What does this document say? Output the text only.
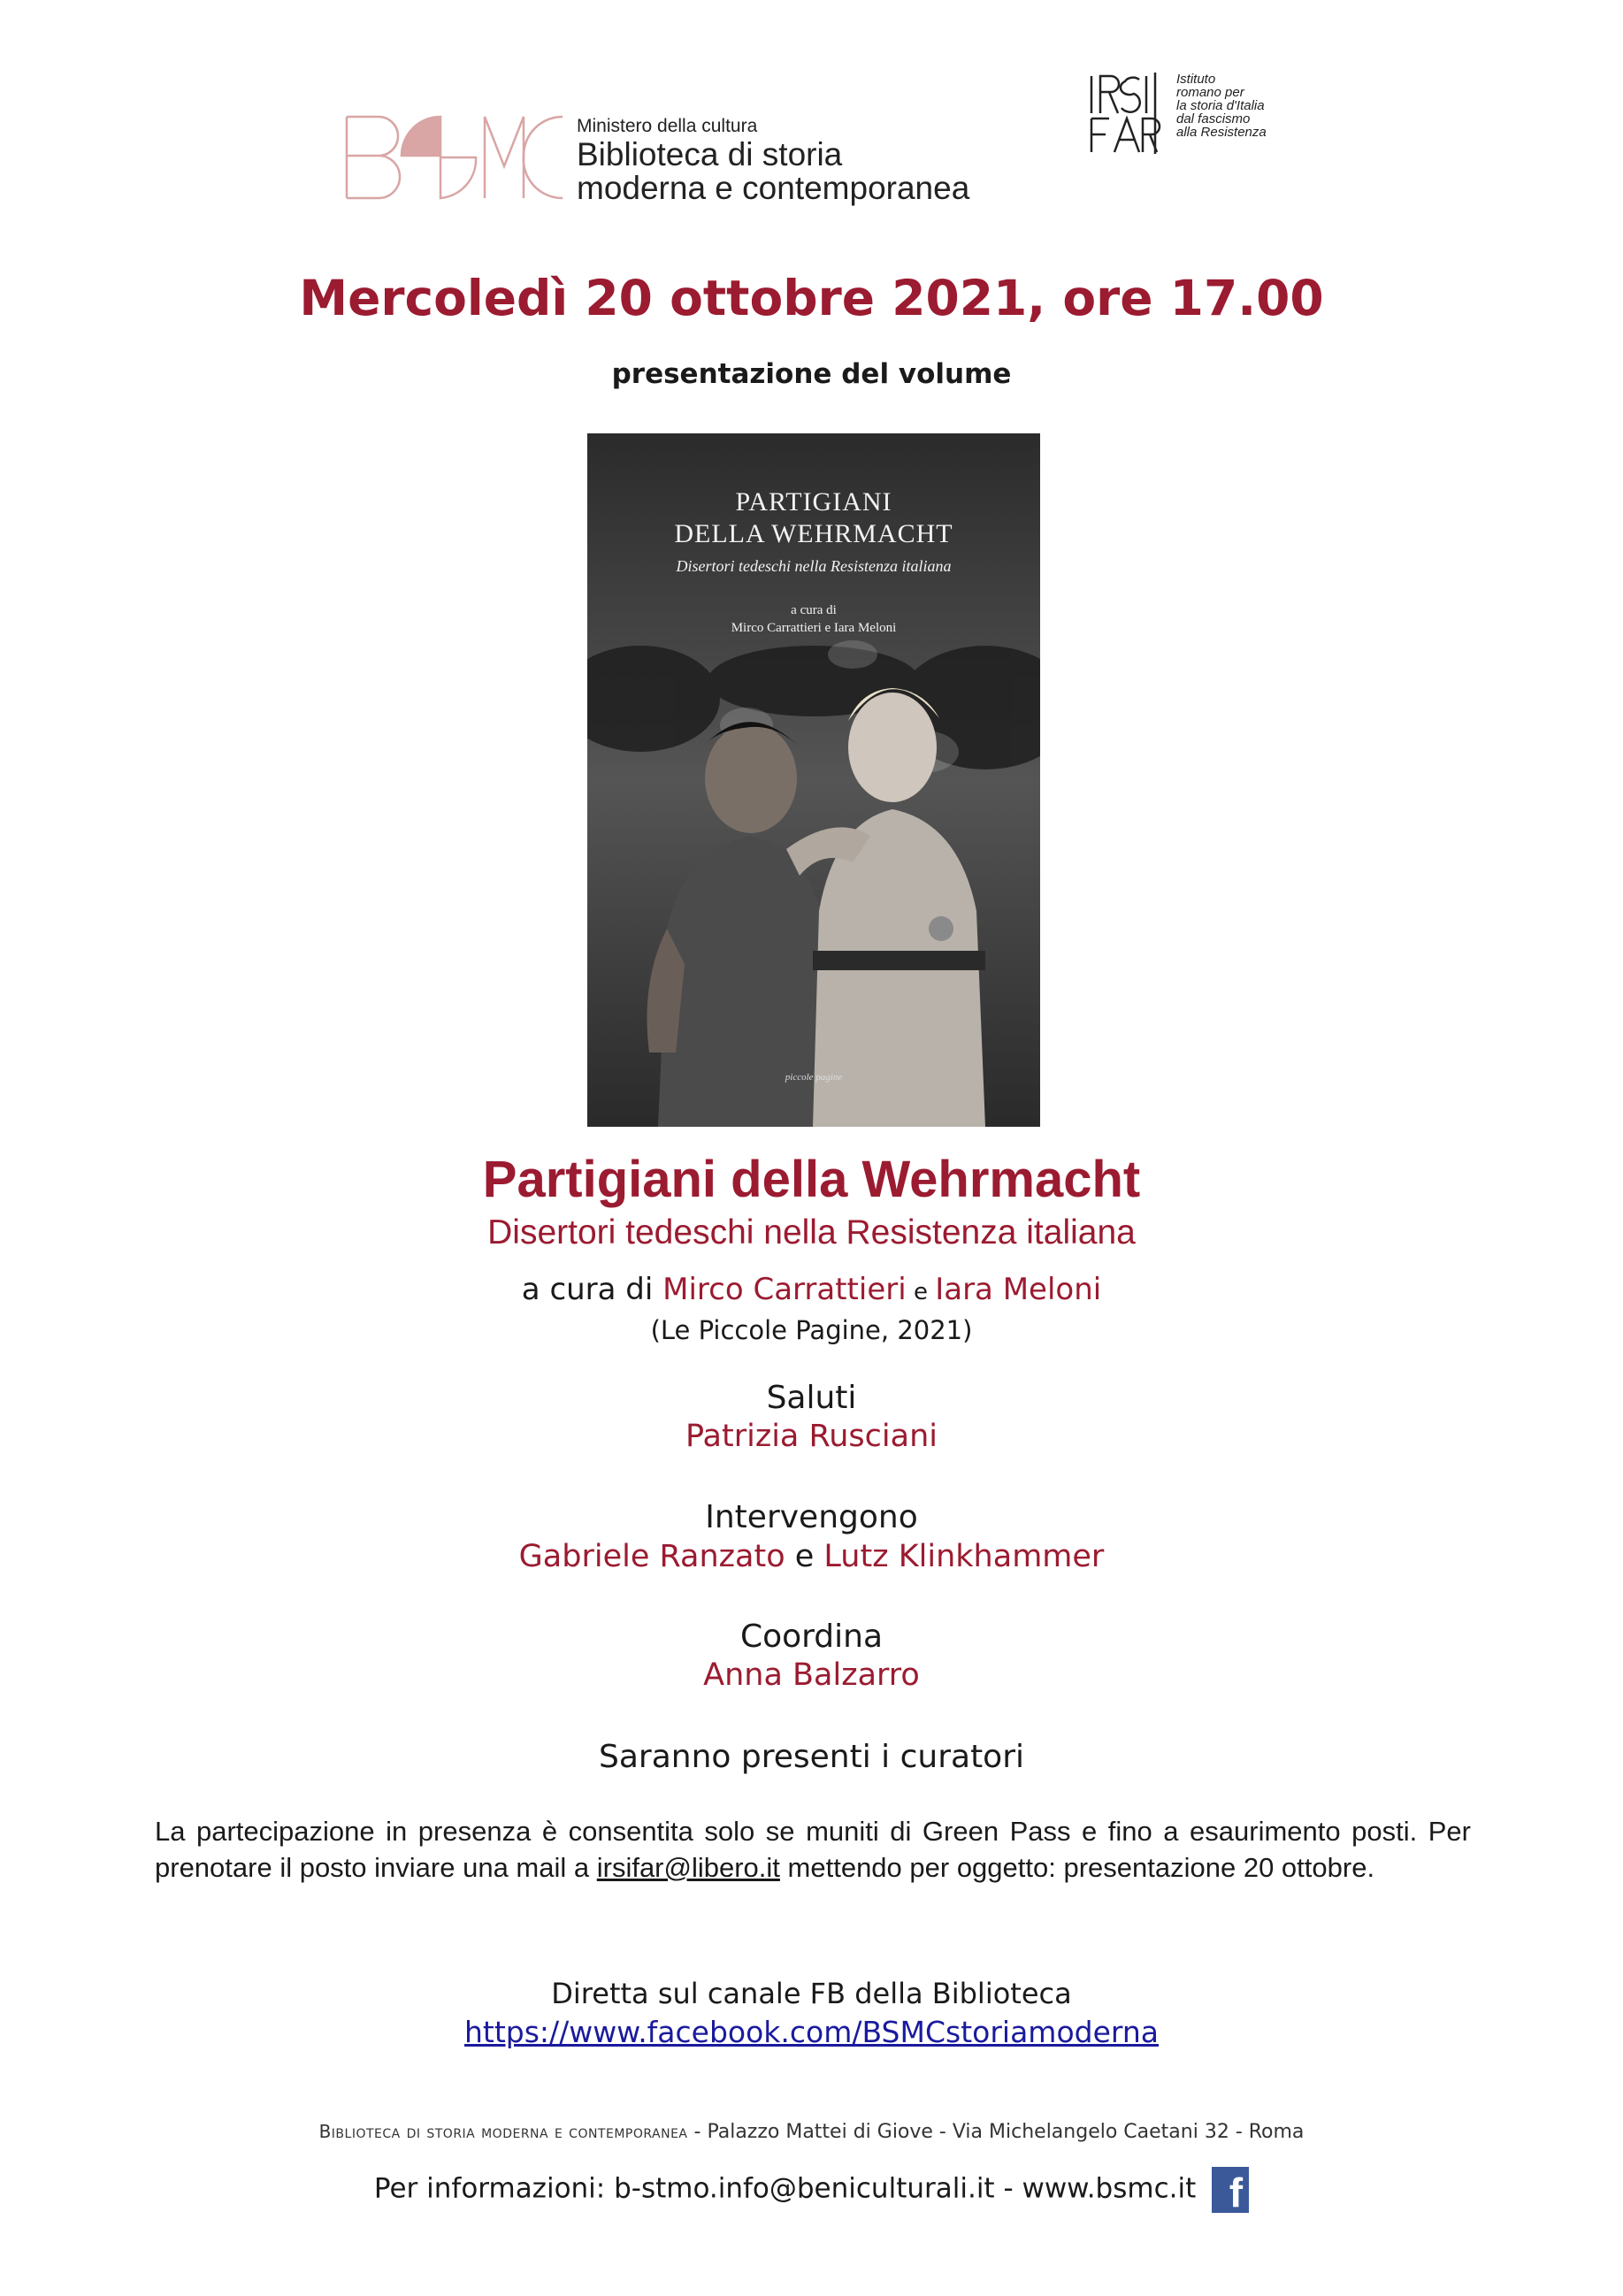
Ministero della cultura
Biblioteca di storia
moderna e contemporanea
Istituto
romano per
la storia d'Italia
dal fascismo
alla Resistenza
Mercoledì 20 ottobre 2021, ore 17.00
presentazione del volume
PARTIGIANI
DELLA WEHRMACHT
Disertori tedeschi nella Resistenza italiana
a cura di
Mirco Carrattieri e Iara Meloni
piccole pagine
Partigiani della Wehrmacht
Disertori tedeschi nella Resistenza italiana
a cura di Mirco Carrattieri e Iara Meloni
(Le Piccole Pagine, 2021)
Saluti
Patrizia Rusciani
Intervengono
Gabriele Ranzato e Lutz Klinkhammer
Coordina
Anna Balzarro
Saranno presenti i curatori
La partecipazione in presenza è consentita solo se muniti di Green Pass e fino a esaurimento posti. Per prenotare il posto inviare una mail a irsifar@libero.it mettendo per oggetto: presentazione 20 ottobre.
Diretta sul canale FB della Biblioteca
https://www.facebook.com/BSMCstoriamoderna
Biblioteca di storia moderna e contemporanea - Palazzo Mattei di Giove - Via Michelangelo Caetani 32 - Roma
Per informazioni: b-stmo.info@beniculturali.it - www.bsmc.it f
